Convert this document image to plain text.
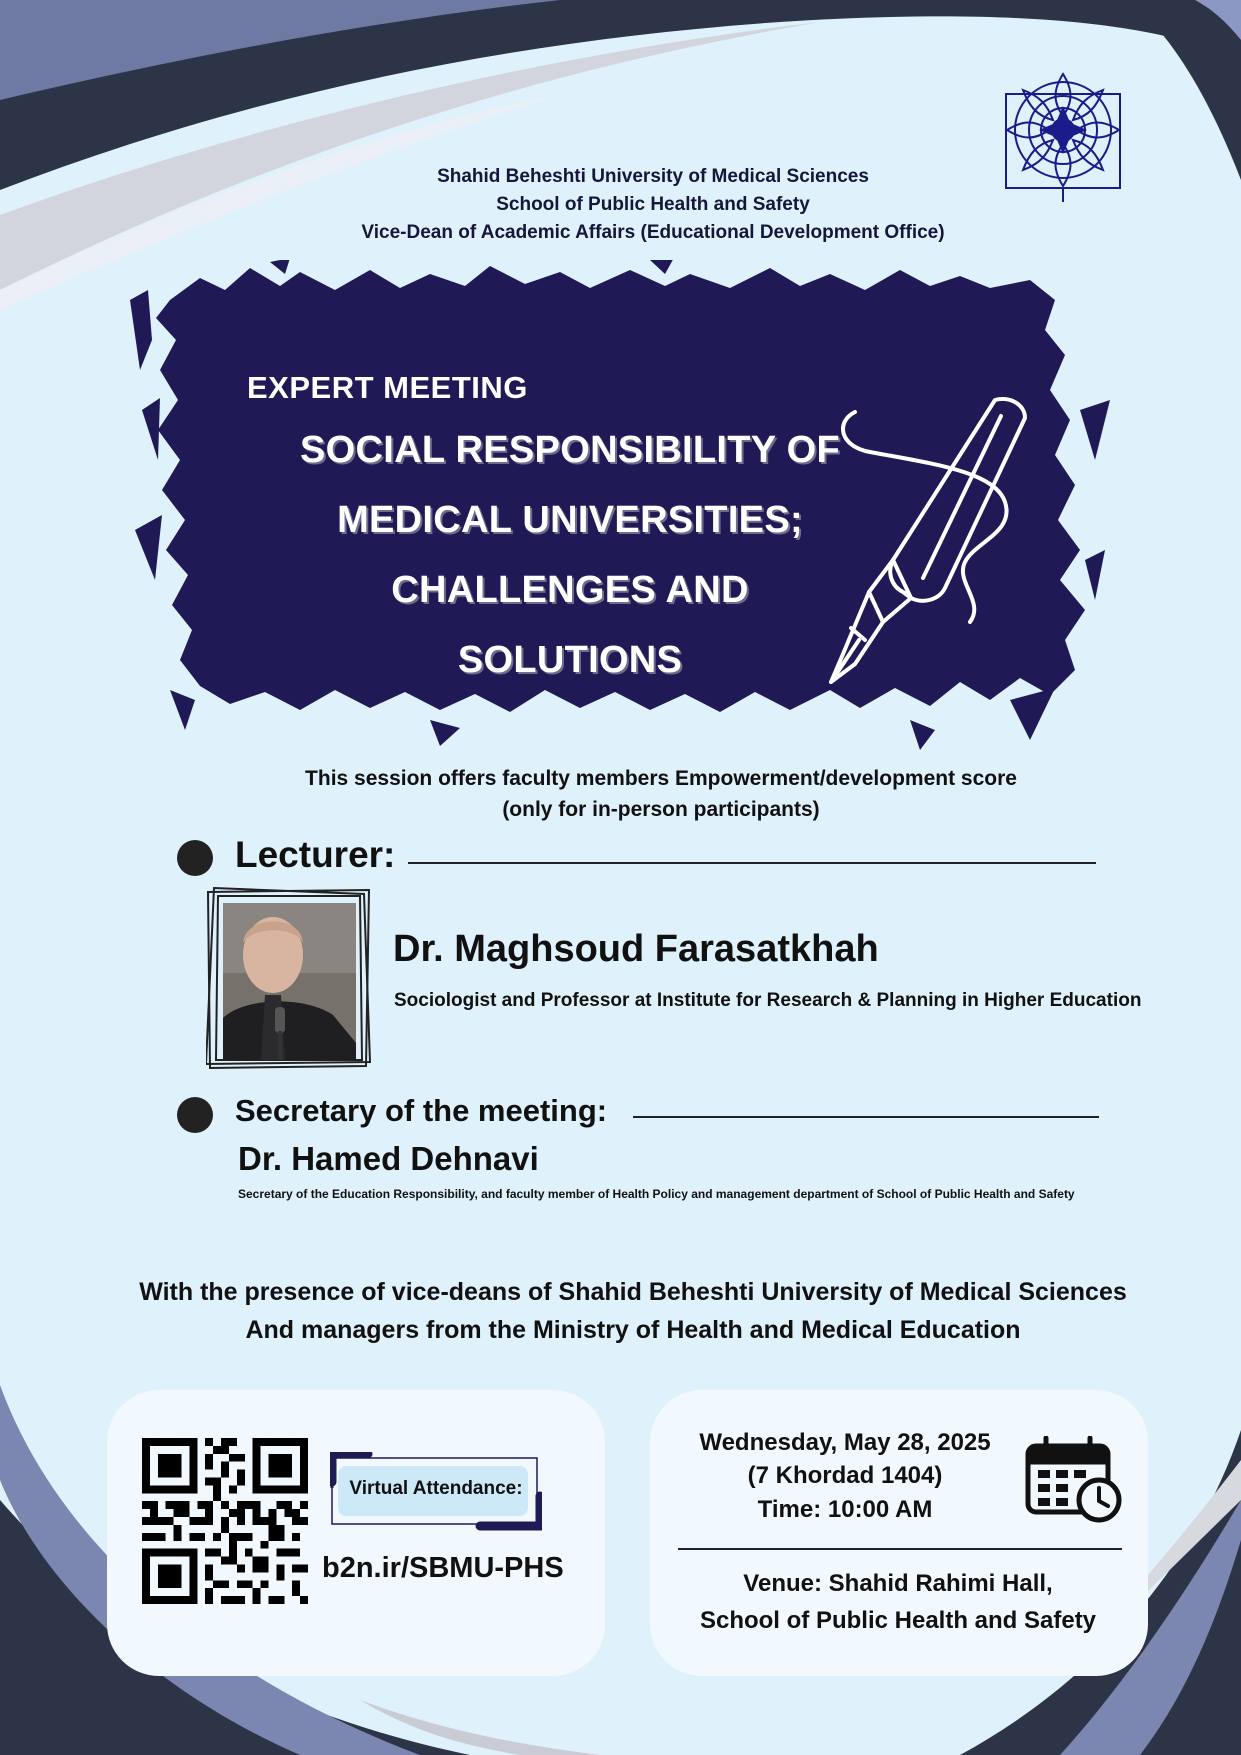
Shahid Beheshti University of Medical Sciences
School of Public Health and Safety
Vice-Dean of Academic Affairs (Educational Development Office)
EXPERT MEETING
SOCIAL RESPONSIBILITY OF
MEDICAL UNIVERSITIES;
CHALLENGES AND
SOLUTIONS
This session offers faculty members Empowerment/development score
(only for in-person participants)
Lecturer:
Dr. Maghsoud Farasatkhah
Sociologist and Professor at Institute for Research & Planning in Higher Education
Secretary of the meeting:
Dr. Hamed Dehnavi
Secretary of the Education Responsibility, and faculty member of Health Policy and management department of School of Public Health and Safety
With the presence of vice-deans of Shahid Beheshti University of Medical Sciences
And managers from the Ministry of Health and Medical Education
Virtual Attendance:
b2n.ir/SBMU-PHS
Wednesday, May 28, 2025
(7 Khordad 1404)
Time: 10:00 AM
Venue: Shahid Rahimi Hall,
School of Public Health and Safety
